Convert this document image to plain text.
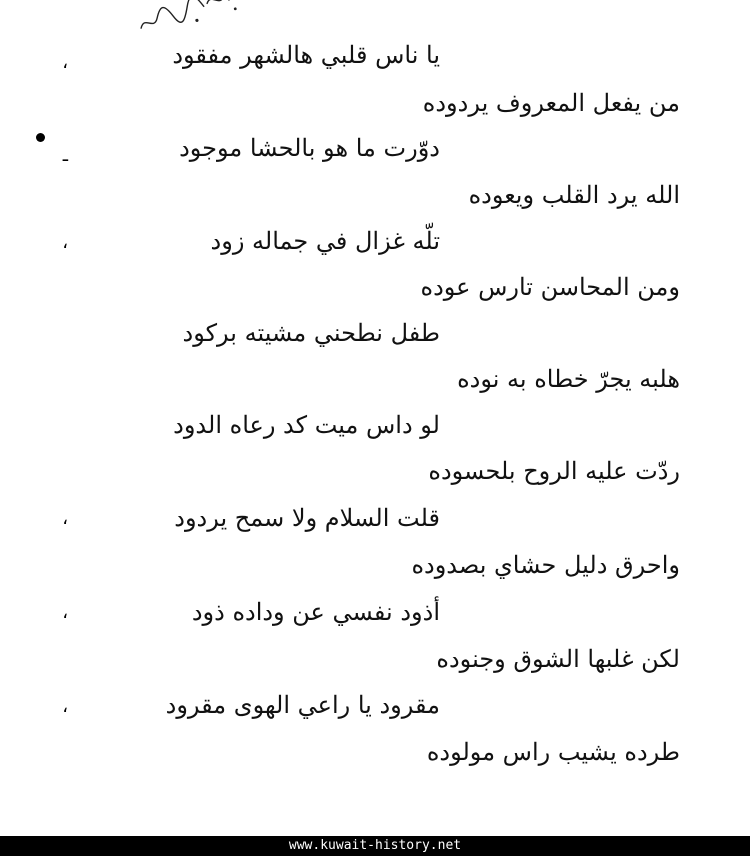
،
ـ
،
،
،
،
يا ناس قلبي هالشهر مفقود
من يفعل المعروف يردوده
دوّرت ما هو بالحشا موجود
الله يرد القلب ويعوده
تلّه غزال في جماله زود
ومن المحاسن تارس عوده
طفل نطحني مشيته بركود
هلبه يجرّ خطاه به نوده
لو داس ميت كد رعاه الدود
ردّت عليه الروح بلحسوده
قلت السلام ولا سمح يردود
واحرق دليل حشاي بصدوده
أذود نفسي عن وداده ذود
لكن غلبها الشوق وجنوده
مقرود يا راعي الهوى مقرود
طرده يشيب راس مولوده
www.kuwait-history.net
